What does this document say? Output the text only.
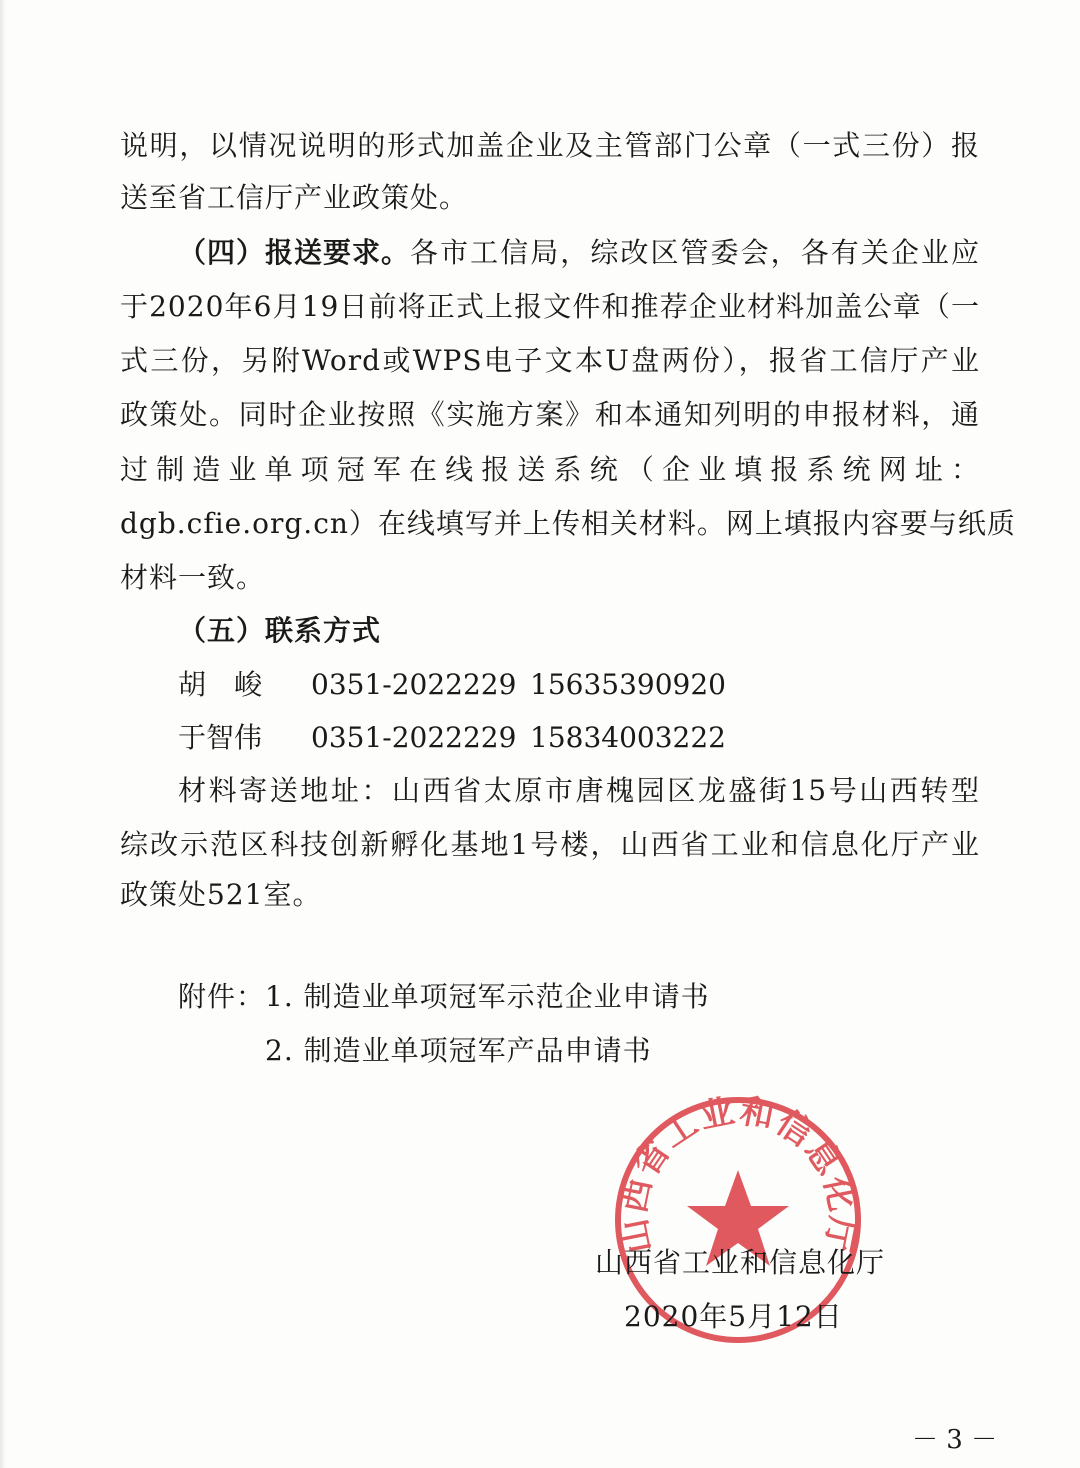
说明，以情况说明的形式加盖企业及主管部门公章（一式三份）报
送至省工信厅产业政策处。
（四）报送要求。 各市工信局，综改区管委会，各有关企业应
于2020年6月19日前将正式上报文件和推荐企业材料加盖公章（一
式三份，另附Word或WPS电子文本U盘两份），报省工信厅产业
政策处。同时企业按照《实施方案》和本通知列明的申报材料，通
过制造业单项冠军在线报送系统（企业填报系统网址：
dgb.cfie.org.cn）在线填写并上传相关材料。网上填报内容要与纸质
材料一致。
（五）联系方式
胡　峻 0351-2022229 15635390920
于智伟 0351-2022229 15834003222
材料寄送地址：山西省太原市唐槐园区龙盛街15号山西转型
综改示范区科技创新孵化基地1号楼，山西省工业和信息化厅产业
政策处521室。
附件： 1. 制造业单项冠军示范企业申请书
2. 制造业单项冠军产品申请书
山西省工业和信息化厅
山西省工业和信息化厅
2020年5月12日
－ 3 －
